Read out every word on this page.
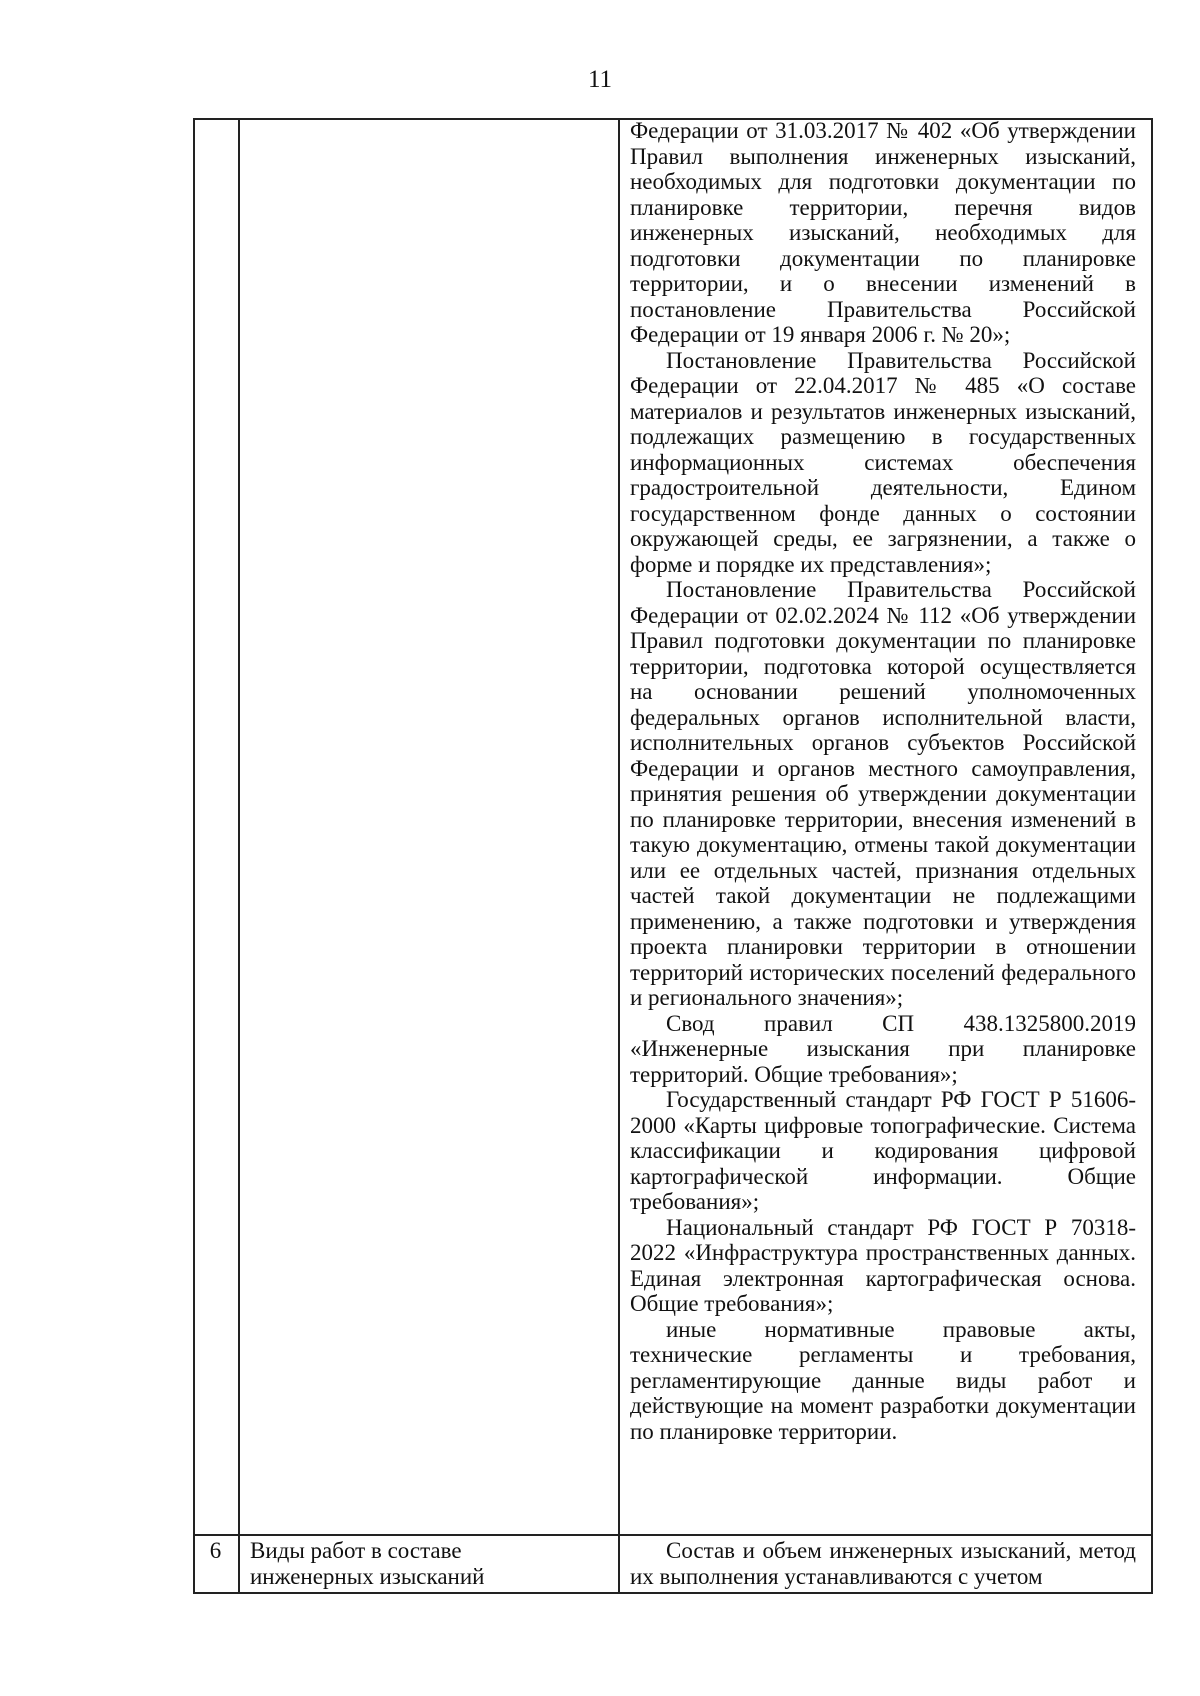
11

Федерации от 31.03.2017 № 402 «Об утверждении Правил выполнения инженерных изысканий, необходимых для подготовки документации по планировке территории, перечня видов инженерных изысканий, необходимых для подготовки документации по планировке территории, и о внесении изменений в постановление Правительства Российской Федерации от 19 января 2006 г. № 20»;

Постановление Правительства Российской Федерации от 22.04.2017 № 485 «О составе материалов и результатов инженерных изысканий, подлежащих размещению в государственных информационных системах обеспечения градостроительной деятельности, Едином государственном фонде данных о состоянии окружающей среды, ее загрязнении, а также о форме и порядке их представления»;

Постановление Правительства Российской Федерации от 02.02.2024 № 112 «Об утверждении Правил подготовки документации по планировке территории, подготовка которой осуществляется на основании решений уполномоченных федеральных органов исполнительной власти, исполнительных органов субъектов Российской Федерации и органов местного самоуправления, принятия решения об утверждении документации по планировке территории, внесения изменений в такую документацию, отмены такой документации или ее отдельных частей, признания отдельных частей такой документации не подлежащими применению, а также подготовки и утверждения проекта планировки территории в отношении территорий исторических поселений федерального и регионального значения»;

Свод правил СП 438.1325800.2019 «Инженерные изыскания при планировке территорий. Общие требования»;

Государственный стандарт РФ ГОСТ Р 51606-2000 «Карты цифровые топографические. Система классификации и кодирования цифровой картографической информации. Общие требования»;

Национальный стандарт РФ ГОСТ Р 70318-2022 «Инфраструктура пространственных данных. Единая электронная картографическая основа. Общие требования»;

иные нормативные правовые акты, технические регламенты и требования, регламентирующие данные виды работ и действующие на момент разработки документации по планировке территории.

6	Виды работ в составе инженерных изысканий

Состав и объем инженерных изысканий, метод их выполнения устанавливаются с учетом
